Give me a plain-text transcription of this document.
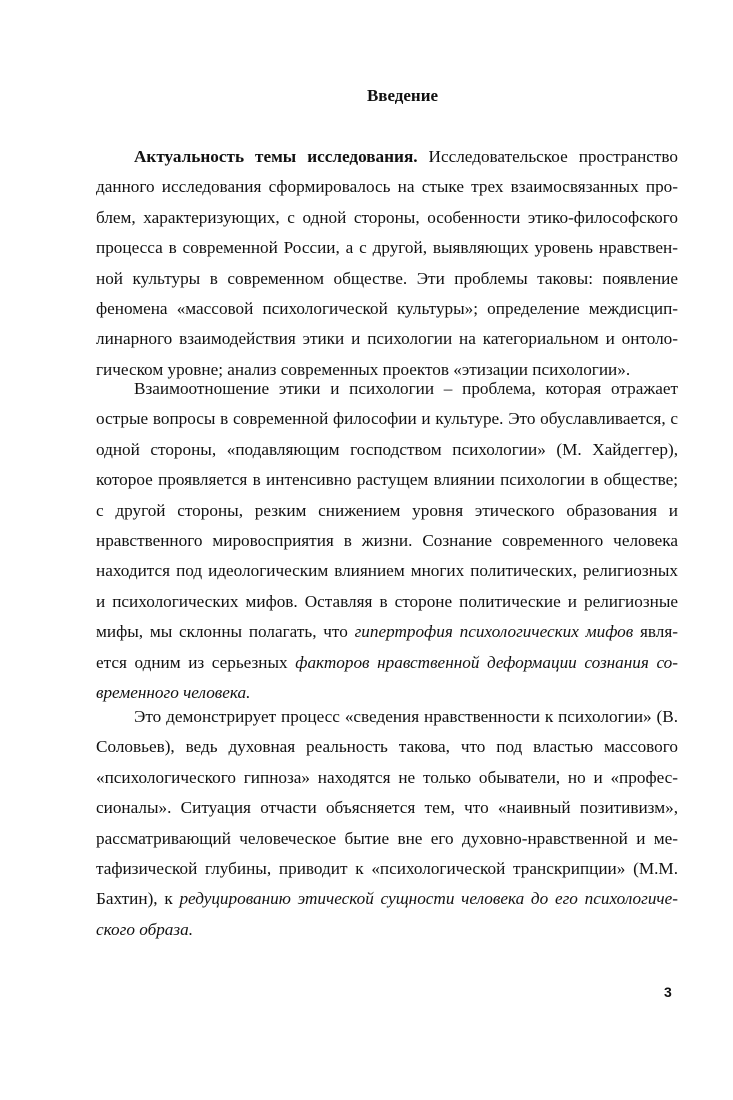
Введение

Актуальность темы исследования. Исследовательское пространство данного исследования сформировалось на стыке трех взаимосвязанных проблем, характеризующих, с одной стороны, особенности этико-философского процесса в современной России, а с другой, выявляющих уровень нравственной культуры в современном обществе. Эти проблемы таковы: появление феномена «массовой психологической культуры»; определение междисциплинарного взаимодействия этики и психологии на категориальном и онтологическом уровне; анализ современных проектов «этизации психологии».

Взаимоотношение этики и психологии – проблема, которая отражает острые вопросы в современной философии и культуре. Это обуславливается, с одной стороны, «подавляющим господством психологии» (М. Хайдеггер), которое проявляется в интенсивно растущем влиянии психологии в обществе; с другой стороны, резким снижением уровня этического образования и нравственного мировосприятия в жизни. Сознание современного человека находится под идеологическим влиянием многих политических, религиозных и психологических мифов. Оставляя в стороне политические и религиозные мифы, мы склонны полагать, что гипертрофия психологических мифов является одним из серьезных факторов нравственной деформации сознания современного человека.

Это демонстрирует процесс «сведения нравственности к психологии» (В. Соловьев), ведь духовная реальность такова, что под властью массового «психологического гипноза» находятся не только обыватели, но и «профессионалы». Ситуация отчасти объясняется тем, что «наивный позитивизм», рассматривающий человеческое бытие вне его духовно-нравственной и метафизической глубины, приводит к «психологической транскрипции» (М.М. Бахтин), к редуцированию этической сущности человека до его психологического образа.

3
